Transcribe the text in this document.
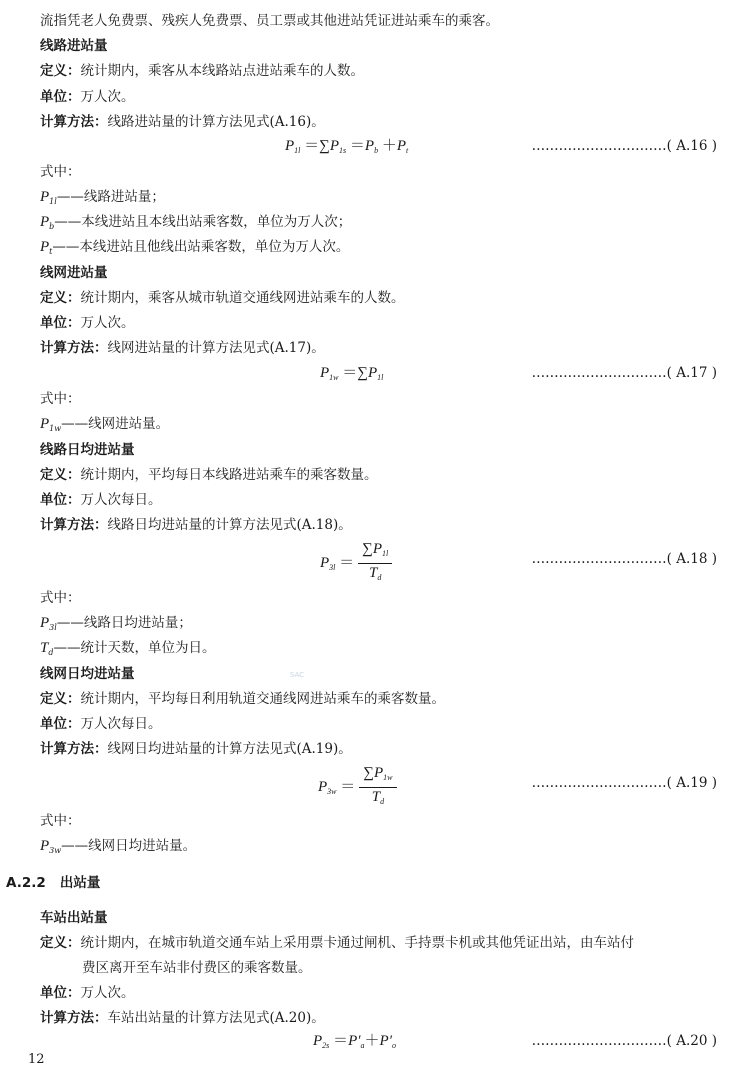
流指凭老人免费票、残疾人免费票、员工票或其他进站凭证进站乘车的乘客。
线路进站量
定义：统计期内，乘客从本线路站点进站乘车的人数。
单位：万人次。
计算方法：线路进站量的计算方法见式(A.16)。
$P_{1l} =\sum P_{1s} =P_b +P_t$	…………………………( A.16 )
式中：
$P_{1l}——$线路进站量；
$P_b——$本线进站且本线出站乘客数，单位为万人次；
$P_t——$本线进站且他线出站乘客数，单位为万人次。
线网进站量
定义：统计期内，乘客从城市轨道交通线网进站乘车的人数。
单位：万人次。
计算方法：线网进站量的计算方法见式(A.17)。
$P_{1w} =\sum P_{1l}$	…………………………( A.17 )
式中：
$P_{1w}——$线网进站量。
线路日均进站量
定义：统计期内，平均每日本线路进站乘车的乘客数量。
单位：万人次每日。
计算方法：线路日均进站量的计算方法见式(A.18)。
$P_{3l} = \frac{\sum P_{1l}}{T_d}$	…………………………( A.18 )
式中：
$P_{3l}——$线路日均进站量；
$T_d——$统计天数，单位为日。
SAC
线网日均进站量
定义：统计期内，平均每日利用轨道交通线网进站乘车的乘客数量。
单位：万人次每日。
计算方法：线网日均进站量的计算方法见式(A.19)。
$P_{3w} = \frac{\sum P_{1w}}{T_d}$	…………………………( A.19 )
式中：
$P_{3w}——$线网日均进站量。
A.2.2 出站量
车站出站量
定义：统计期内，在城市轨道交通车站上采用票卡通过闸机、手持票卡机或其他凭证出站，由车站付
费区离开至车站非付费区的乘客数量。
单位：万人次。
计算方法：车站出站量的计算方法见式(A.20)。
$P_{2s} =P'_a+P'_o$	…………………………( A.20 )
12
